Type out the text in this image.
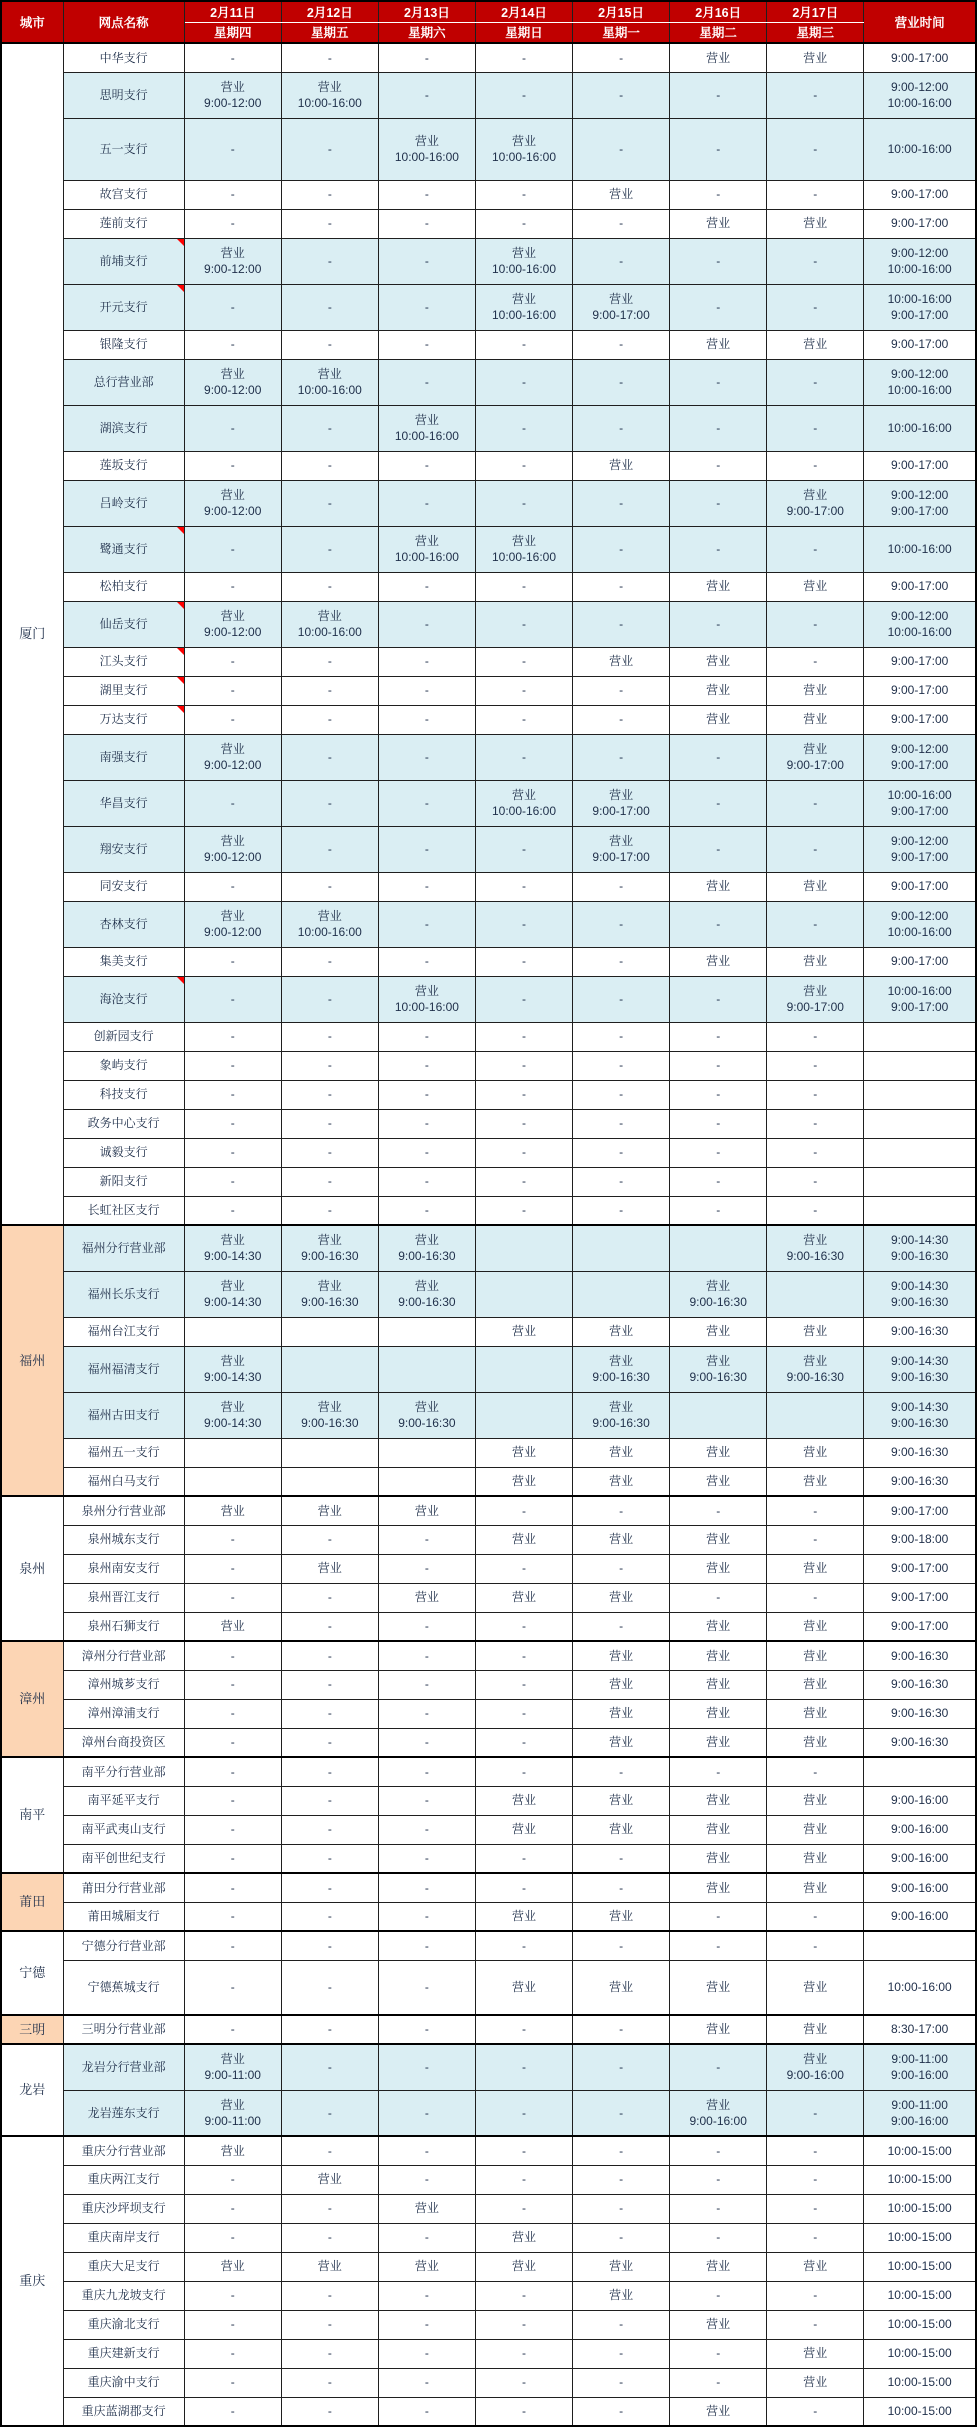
城市	网点名称	2月11日	2月12日	2月13日	2月14日	2月15日	2月16日	2月17日	营业时间
		星期四	星期五	星期六	星期日	星期一	星期二	星期三	
厦门	中华支行	-	-	-	-	-	营业	营业	9:00-17:00

	思明支行	营业
9:00-12:00	营业
10:00-16:00	-	-	-	-	-	9:00-12:00
10:00-16:00

	五一支行	-	-	营业
10:00-16:00	营业
10:00-16:00	-	-	-	10:00-16:00

	故宫支行	-	-	-	-	营业	-	-	9:00-17:00

	莲前支行	-	-	-	-	-	营业	营业	9:00-17:00

	前埔支行	营业
9:00-12:00	-	-	营业
10:00-16:00	-	-	-	9:00-12:00
10:00-16:00

	开元支行	-	-	-	营业
10:00-16:00	营业
9:00-17:00	-	-	10:00-16:00
9:00-17:00

	银隆支行	-	-	-	-	-	营业	营业	9:00-17:00

	总行营业部	营业
9:00-12:00	营业
10:00-16:00	-	-	-	-	-	9:00-12:00
10:00-16:00

	湖滨支行	-	-	营业
10:00-16:00	-	-	-	-	10:00-16:00

	莲坂支行	-	-	-	-	营业	-	-	9:00-17:00

	吕岭支行	营业
9:00-12:00	-	-	-	-	-	营业
9:00-17:00	9:00-12:00
9:00-17:00

	鹭通支行	-	-	营业
10:00-16:00	营业
10:00-16:00	-	-	-	10:00-16:00

	松柏支行	-	-	-	-	-	营业	营业	9:00-17:00

	仙岳支行	营业
9:00-12:00	营业
10:00-16:00	-	-	-	-	-	9:00-12:00
10:00-16:00

	江头支行	-	-	-	-	营业	营业	-	9:00-17:00

	湖里支行	-	-	-	-	-	营业	营业	9:00-17:00

	万达支行	-	-	-	-	-	营业	营业	9:00-17:00

	南强支行	营业
9:00-12:00	-	-	-	-	-	营业
9:00-17:00	9:00-12:00
9:00-17:00

	华昌支行	-	-	-	营业
10:00-16:00	营业
9:00-17:00	-	-	10:00-16:00
9:00-17:00

	翔安支行	营业
9:00-12:00	-	-	-	营业
9:00-17:00	-	-	9:00-12:00
9:00-17:00

	同安支行	-	-	-	-	-	营业	营业	9:00-17:00

	杏林支行	营业
9:00-12:00	营业
10:00-16:00	-	-	-	-	-	9:00-12:00
10:00-16:00

	集美支行	-	-	-	-	-	营业	营业	9:00-17:00

	海沧支行	-	-	营业
10:00-16:00	-	-	-	营业
9:00-17:00	10:00-16:00
9:00-17:00

	创新园支行	-	-	-	-	-	-	-	

	象屿支行	-	-	-	-	-	-	-	

	科技支行	-	-	-	-	-	-	-	

	政务中心支行	-	-	-	-	-	-	-	

	诚毅支行	-	-	-	-	-	-	-	

	新阳支行	-	-	-	-	-	-	-	

	长虹社区支行	-	-	-	-	-	-	-	

福州	福州分行营业部	营业
9:00-14:30	营业
9:00-16:30	营业
9:00-16:30				营业
9:00-16:30	9:00-14:30
9:00-16:30

	福州长乐支行	营业
9:00-14:30	营业
9:00-16:30	营业
9:00-16:30			营业
9:00-16:30		9:00-14:30
9:00-16:30

	福州台江支行				营业	营业	营业	营业	9:00-16:30

	福州福清支行	营业
9:00-14:30				营业
9:00-16:30	营业
9:00-16:30	营业
9:00-16:30	9:00-14:30
9:00-16:30

	福州古田支行	营业
9:00-14:30	营业
9:00-16:30	营业
9:00-16:30		营业
9:00-16:30			9:00-14:30
9:00-16:30

	福州五一支行				营业	营业	营业	营业	9:00-16:30

	福州白马支行				营业	营业	营业	营业	9:00-16:30

泉州	泉州分行营业部	营业	营业	营业	-	-	-	-	9:00-17:00

	泉州城东支行	-	-	-	营业	营业	营业	-	9:00-18:00

	泉州南安支行	-	营业	-	-	-	营业	营业	9:00-17:00

	泉州晋江支行	-	-	营业	营业	营业	-	-	9:00-17:00

	泉州石狮支行	营业	-	-	-	-	营业	营业	9:00-17:00

漳州	漳州分行营业部	-	-	-	-	营业	营业	营业	9:00-16:30

	漳州城芗支行	-	-	-	-	营业	营业	营业	9:00-16:30

	漳州漳浦支行	-	-	-	-	营业	营业	营业	9:00-16:30

	漳州台商投资区	-	-	-	-	营业	营业	营业	9:00-16:30

南平	南平分行营业部	-	-	-	-	-	-	-	

	南平延平支行	-	-	-	营业	营业	营业	营业	9:00-16:00

	南平武夷山支行	-	-	-	营业	营业	营业	营业	9:00-16:00

	南平创世纪支行	-	-	-	-	-	营业	营业	9:00-16:00

莆田	莆田分行营业部	-	-	-	-	-	营业	营业	9:00-16:00

	莆田城厢支行	-	-	-	营业	营业	-	-	9:00-16:00

宁德	宁德分行营业部	-	-	-	-	-	-	-	

	宁德蕉城支行	-	-	-	营业	营业	营业	营业	10:00-16:00

三明	三明分行营业部	-	-	-	-	-	营业	营业	8:30-17:00

龙岩	龙岩分行营业部	营业
9:00-11:00	-	-	-	-	-	营业
9:00-16:00	9:00-11:00
9:00-16:00

	龙岩莲东支行	营业
9:00-11:00	-	-	-	-	营业
9:00-16:00	-	9:00-11:00
9:00-16:00

重庆	重庆分行营业部	营业	-	-	-	-	-	-	10:00-15:00

	重庆两江支行	-	营业	-	-	-	-	-	10:00-15:00

	重庆沙坪坝支行	-	-	营业	-	-	-	-	10:00-15:00

	重庆南岸支行	-	-	-	营业	-	-	-	10:00-15:00

	重庆大足支行	营业	营业	营业	营业	营业	营业	营业	10:00-15:00

	重庆九龙坡支行	-	-	-	-	营业	-	-	10:00-15:00

	重庆渝北支行	-	-	-	-	-	营业	-	10:00-15:00

	重庆建新支行	-	-	-	-	-	-	营业	10:00-15:00

	重庆渝中支行	-	-	-	-	-	-	营业	10:00-15:00

	重庆蓝湖郡支行	-	-	-	-	-	营业	-	10:00-15:00
